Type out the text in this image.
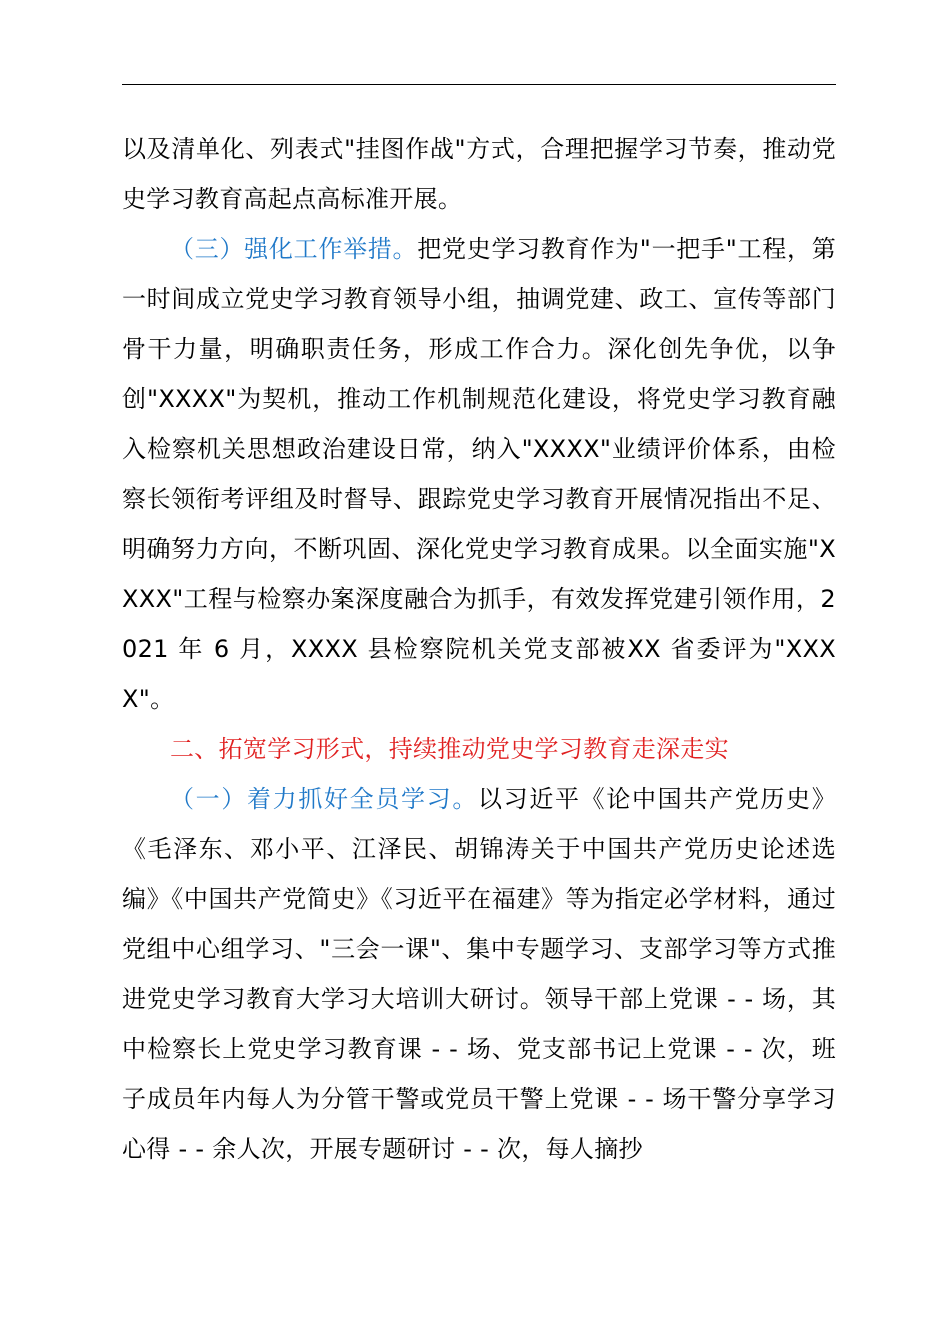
以及清单化、列表式"挂图作战"方式，合理把握学习节奏，推动党史学习教育高起点高标准开展。

（三）强化工作举措。把党史学习教育作为"一把手"工程，第一时间成立党史学习教育领导小组，抽调党建、政工、宣传等部门骨干力量，明确职责任务，形成工作合力。深化创先争优，以争创"XXXX"为契机，推动工作机制规范化建设，将党史学习教育融入检察机关思想政治建设日常，纳入"XXXX"业绩评价体系，由检察长领衔考评组及时督导、跟踪党史学习教育开展情况指出不足、明确努力方向，不断巩固、深化党史学习教育成果。以全面实施"XXXX"工程与检察办案深度融合为抓手，有效发挥党建引领作用，2021 年 6 月，XXXX 县检察院机关党支部被XX 省委评为"XXXX"。

二、拓宽学习形式，持续推动党史学习教育走深走实

（一）着力抓好全员学习。以习近平《论中国共产党历史》《毛泽东、邓小平、江泽民、胡锦涛关于中国共产党历史论述选编》《中国共产党简史》《习近平在福建》等为指定必学材料，通过党组中心组学习、"三会一课"、集中专题学习、支部学习等方式推进党史学习教育大学习大培训大研讨。领导干部上党课 - - 场，其中检察长上党史学习教育课 - - 场、党支部书记上党课 - - 次，班子成员年内每人为分管干警或党员干警上党课 - - 场干警分享学习心得 - - 余人次，开展专题研讨 - - 次，每人摘抄
